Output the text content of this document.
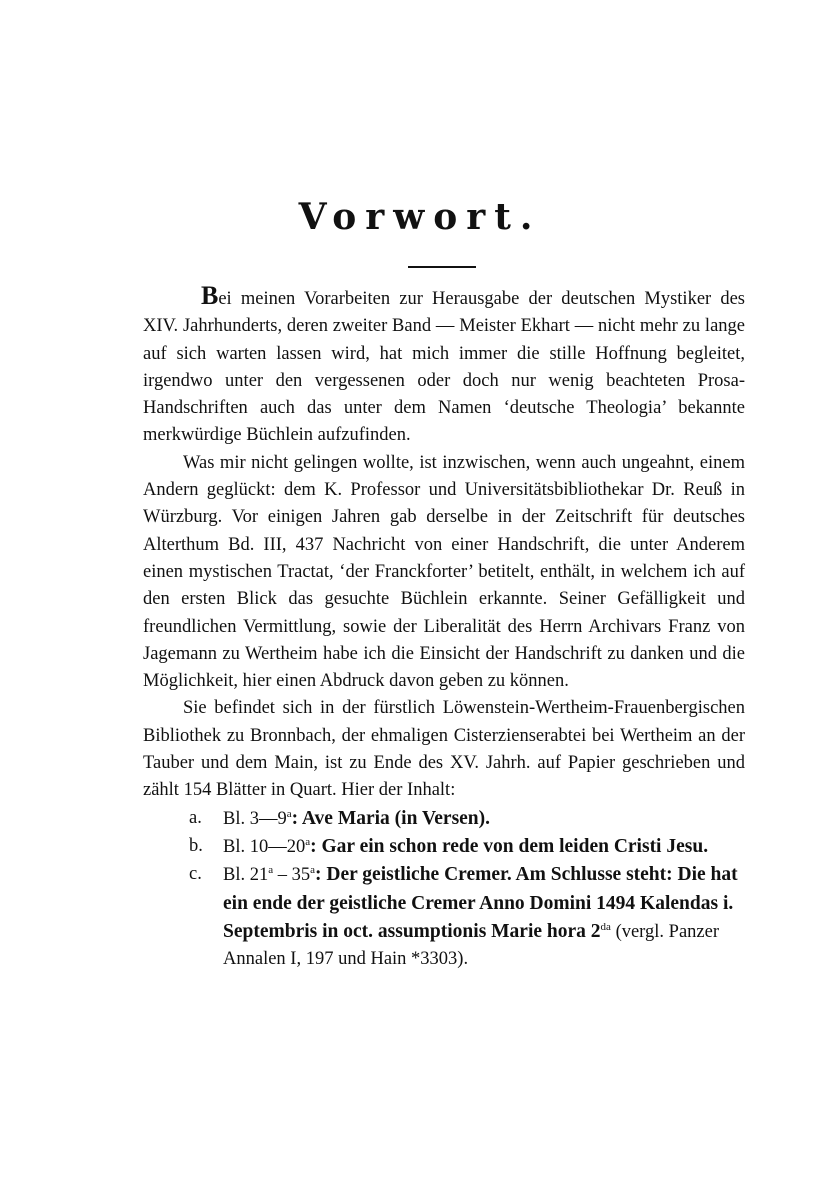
Vorwort.

Bei meinen Vorarbeiten zur Herausgabe der deutschen Mystiker des XIV. Jahrhunderts, deren zweiter Band — Meister Ekhart — nicht mehr zu lange auf sich warten lassen wird, hat mich immer die stille Hoffnung begleitet, irgendwo unter den vergessenen oder doch nur wenig beachteten Prosa-Handschriften auch das unter dem Namen ‘deutsche Theologia’ bekannte merkwürdige Büchlein aufzufinden.

Was mir nicht gelingen wollte, ist inzwischen, wenn auch ungeahnt, einem Andern geglückt: dem K. Professor und Universitätsbibliothekar Dr. Reuß in Würzburg. Vor einigen Jahren gab derselbe in der Zeitschrift für deutsches Alterthum Bd. III, 437 Nachricht von einer Handschrift, die unter Anderem einen mystischen Tractat, ‘der Franckforter’ betitelt, enthält, in welchem ich auf den ersten Blick das gesuchte Büchlein erkannte. Seiner Gefälligkeit und freundlichen Vermittlung, sowie der Liberalität des Herrn Archivars Franz von Jagemann zu Wertheim habe ich die Einsicht der Handschrift zu danken und die Möglichkeit, hier einen Abdruck davon geben zu können.

Sie befindet sich in der fürstlich Löwenstein-Wertheim-Frauenbergischen Bibliothek zu Bronnbach, der ehmaligen Cisterzienserabtei bei Wertheim an der Tauber und dem Main, ist zu Ende des XV. Jahrh. auf Papier geschrieben und zählt 154 Blätter in Quart. Hier der Inhalt:

a. Bl. 3—9$^a$: Ave Maria (in Versen).
b. Bl. 10—20$^a$: Gar ein schon rede von dem leiden Cristi Jesu.
c. Bl. 21$^a$ – 35$^a$: Der geistliche Cremer. Am Schlusse steht: Die hat ein ende der geistliche Cremer Anno Domini 1494 Kalendas i. Septembris in oct. assumptionis Marie hora $2^{da}$ (vergl. Panzer Annalen I, 197 und Hain *3303).
